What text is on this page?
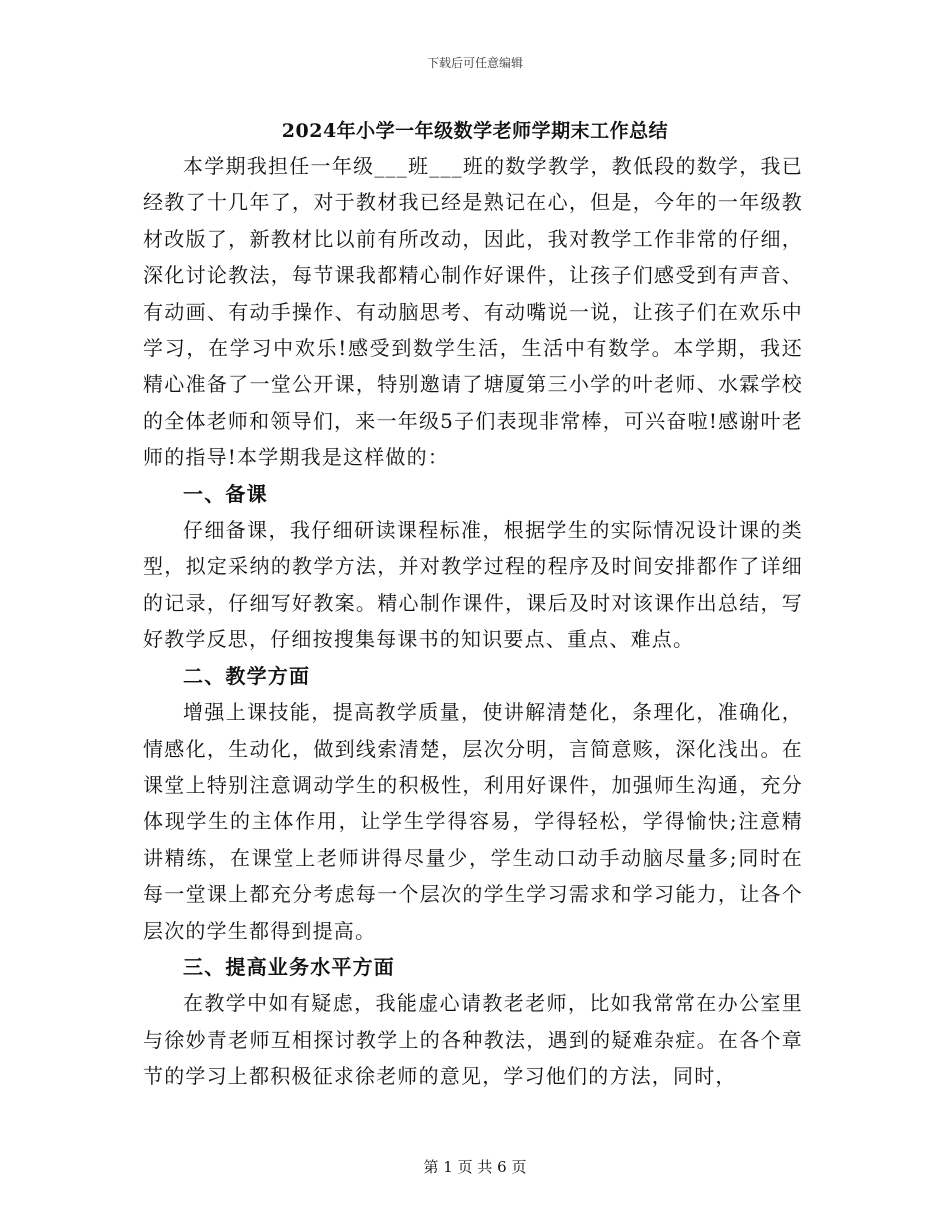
下载后可任意编辑
2024年小学一年级数学老师学期末工作总结

本学期我担任一年级___班___班的数学教学，教低段的数学，我已经教了十几年了，对于教材我已经是熟记在心，但是，今年的一年级教材改版了，新教材比以前有所改动，因此，我对教学工作非常的仔细，深化讨论教法，每节课我都精心制作好课件，让孩子们感受到有声音、有动画、有动手操作、有动脑思考、有动嘴说一说，让孩子们在欢乐中学习，在学习中欢乐!感受到数学生活，生活中有数学。本学期，我还精心准备了一堂公开课，特别邀请了塘厦第三小学的叶老师、水霖学校的全体老师和领导们，来一年级5子们表现非常棒，可兴奋啦!感谢叶老师的指导!本学期我是这样做的：

一、备课

仔细备课，我仔细研读课程标准，根据学生的实际情况设计课的类型，拟定采纳的教学方法，并对教学过程的程序及时间安排都作了详细的记录，仔细写好教案。精心制作课件，课后及时对该课作出总结，写好教学反思，仔细按搜集每课书的知识要点、重点、难点。

二、教学方面

增强上课技能，提高教学质量，使讲解清楚化，条理化，准确化，情感化，生动化，做到线索清楚，层次分明，言简意赅，深化浅出。在课堂上特别注意调动学生的积极性，利用好课件，加强师生沟通，充分体现学生的主体作用，让学生学得容易，学得轻松，学得愉快;注意精讲精练，在课堂上老师讲得尽量少，学生动口动手动脑尽量多;同时在每一堂课上都充分考虑每一个层次的学生学习需求和学习能力，让各个层次的学生都得到提高。

三、提高业务水平方面

在教学中如有疑虑，我能虚心请教老老师，比如我常常在办公室里与徐妙青老师互相探讨教学上的各种教法，遇到的疑难杂症。在各个章节的学习上都积极征求徐老师的意见，学习他们的方法，同时，

第 1 页 共 6 页
